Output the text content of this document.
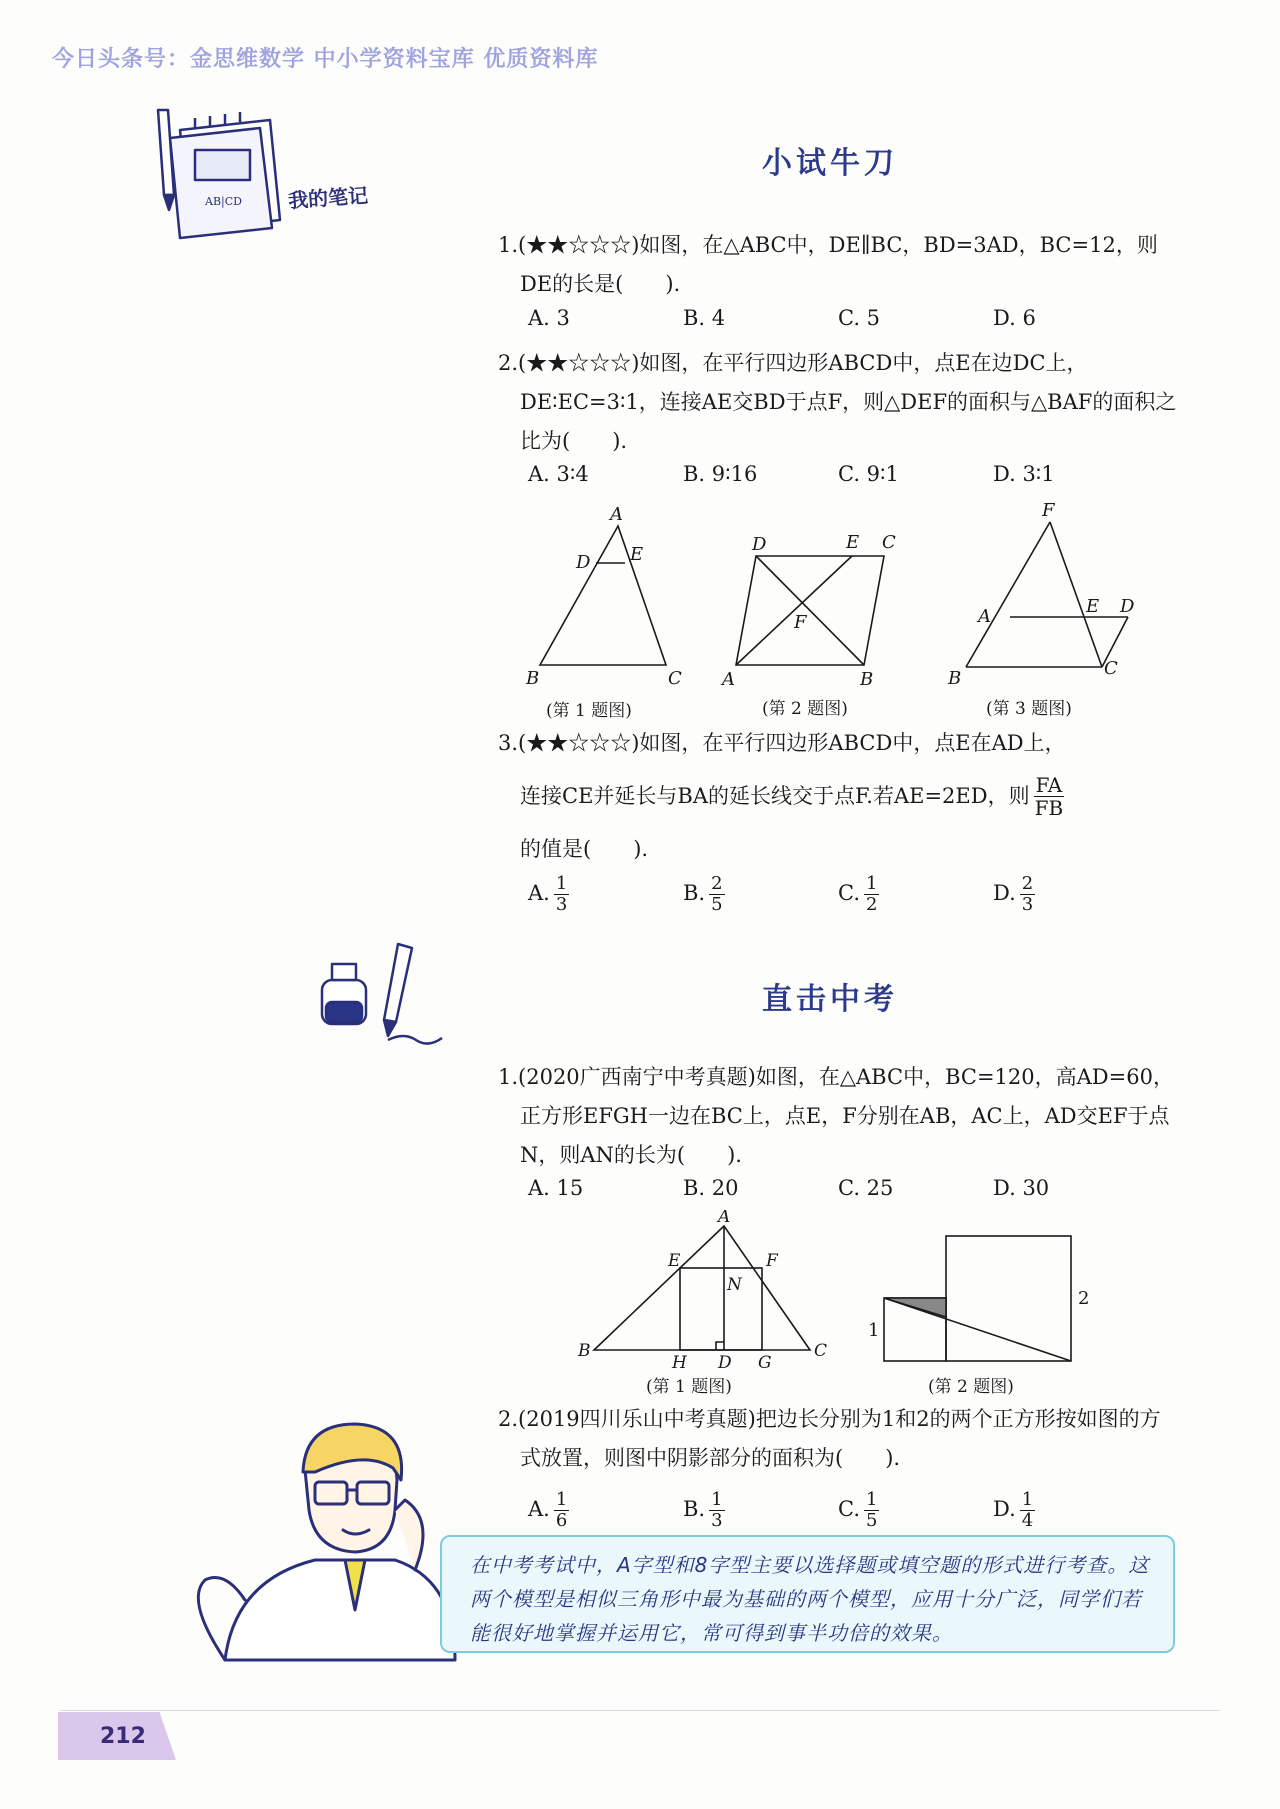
今日头条号：金思维数学 中小学资料宝库 优质资料库
AB|CD 我的笔记
小试牛刀
1.(★★☆☆☆)如图，在△ABC中，DE∥BC，BD=3AD，BC=12，则DE的长是(　　).
A. 3	B. 4	C. 5	D. 6
2.(★★☆☆☆)如图，在平行四边形ABCD中，点E在边DC上，DE∶EC=3∶1，连接AE交BD于点F，则△DEF的面积与△BAF的面积之比为(　　).
A. 3∶4	B. 9∶16	C. 9∶1	D. 3∶1
A
D E
B	C
(第 1 题图)
D	E C
F
A	B
(第 2 题图)
F
A	E D
B	C
(第 3 题图)
3.(★★☆☆☆)如图，在平行四边形ABCD中，点E在AD上，
连接CE并延长与BA的延长线交于点F.若AE=2ED，则 $\frac{FA}{FB}$
的值是(　　).
A. $\frac{1}{3}$	B. $\frac{2}{5}$	C. $\frac{1}{2}$	D. $\frac{2}{3}$
直击中考
1.(2020广西南宁中考真题)如图，在△ABC中，BC=120，高AD=60，正方形EFGH一边在BC上，点E，F分别在AB，AC上，AD交EF于点N，则AN的长为(　　).
A. 15	B. 20	C. 25	D. 30
A
E	F
N
B
H D G
C
(第 1 题图)
1
2
(第 2 题图)
2.(2019四川乐山中考真题)把边长分别为1和2的两个正方形按如图的方式放置，则图中阴影部分的面积为(　　).
A. $\frac{1}{6}$	B. $\frac{1}{3}$	C. $\frac{1}{5}$	D. $\frac{1}{4}$
在中考考试中，A字型和8字型主要以选择题或填空题的形式进行考查。这两个模型是相似三角形中最为基础的两个模型，应用十分广泛，同学们若能很好地掌握并运用它，常可得到事半功倍的效果。
212
